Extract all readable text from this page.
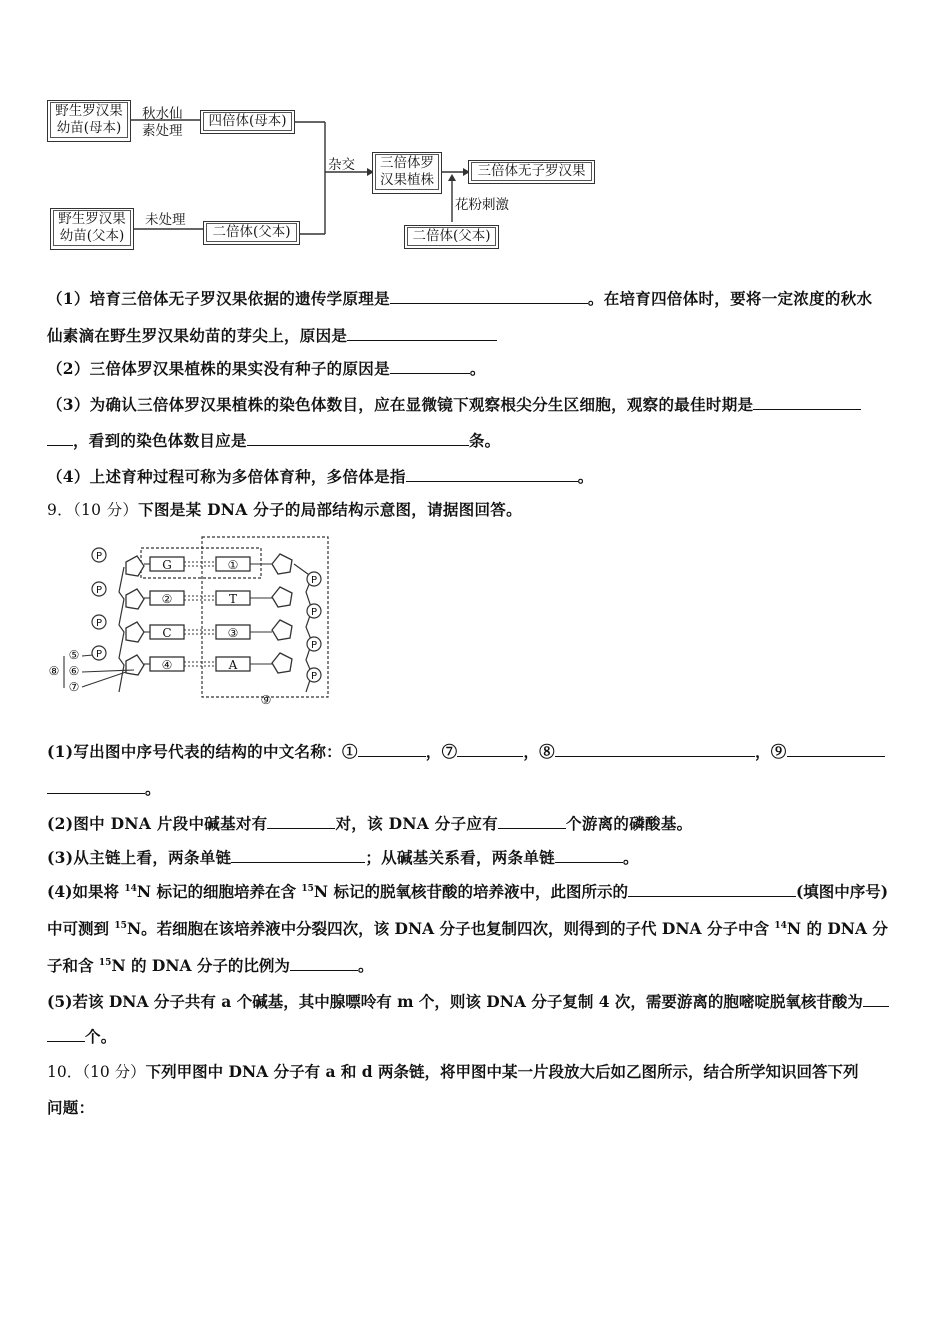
野生罗汉果
幼苗(母本)
秋水仙
素处理
四倍体(母本)
杂交	三倍体罗
汉果植株
三倍体无子罗汉果
花粉刺激
野生罗汉果
幼苗(父本)
未处理
二倍体(父本)	二倍体(父本)
（1）培育三倍体无子罗汉果依据的遗传学原理是	。在培育四倍体时，要将一定浓度的秋水
仙素滴在野生罗汉果幼苗的芽尖上，原因是
（2）三倍体罗汉果植株的果实没有种子的原因是	。
（3）为确认三倍体罗汉果植株的染色体数目，应在显微镜下观察根尖分生区细胞，观察的最佳时期是
，看到的染色体数目应是	条。
（4）上述育种过程可称为多倍体育种，多倍体是指	。
9．（10 分）下图是某 DNA 分子的局部结构示意图，请据图回答。
P
P
P
P
P
P
P
P
G
②
C
④
①
T
③
A
⑤
⑥
⑦
⑧
⑨
(1)写出图中序号代表的结构的中文名称：①	，⑦	，⑧	，⑨
。
(2)图中 DNA 片段中碱基对有	对，该 DNA 分子应有	个游离的磷酸基。
(3)从主链上看，两条单链	；从碱基关系看，两条单链	。
(4)如果将 $^{14}$N 标记的细胞培养在含 $^{15}$N 标记的脱氧核苷酸的培养液中，此图所示的	(填图中序号)
中可测到 $^{15}$N。若细胞在该培养液中分裂四次，该 DNA 分子也复制四次，则得到的子代 DNA 分子中含 $^{14}$N 的 DNA 分
子和含 $^{15}$N 的 DNA 分子的比例为	。
(5)若该 DNA 分子共有 a 个碱基，其中腺嘌呤有 m 个，则该 DNA 分子复制 4 次，需要游离的胞嘧啶脱氧核苷酸为
个。
10．（10 分）下列甲图中 DNA 分子有 a 和 d 两条链，将甲图中某一片段放大后如乙图所示，结合所学知识回答下列
问题：
